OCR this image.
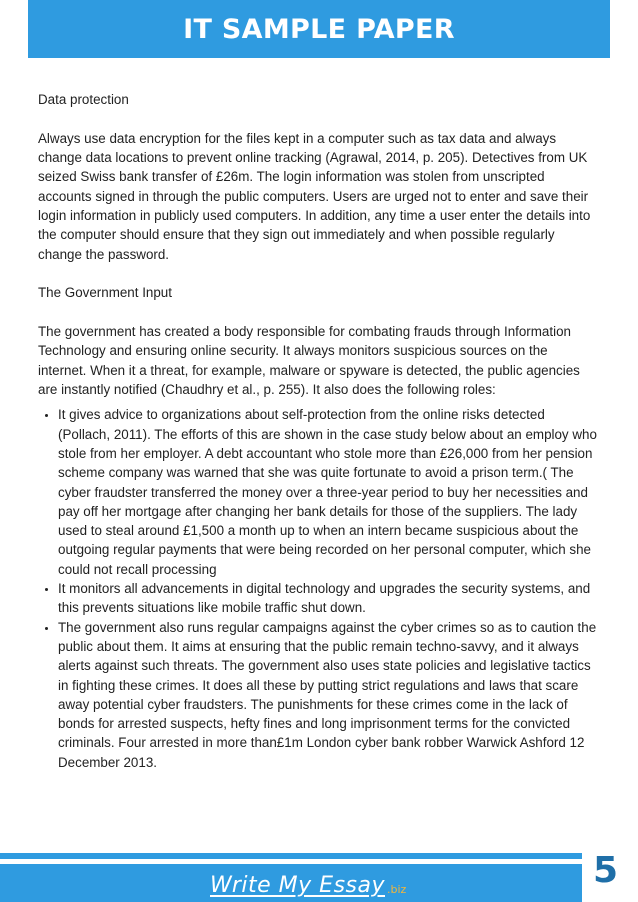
IT SAMPLE PAPER

Data protection

Always use data encryption for the files kept in a computer such as tax data and always change data locations to prevent online tracking (Agrawal, 2014, p. 205). Detectives from UK seized Swiss bank transfer of £26m. The login information was stolen from unscripted accounts signed in through the public computers. Users are urged not to enter and save their login information in publicly used computers. In addition, any time a user enter the details into the computer should ensure that they sign out immediately and when possible regularly change the password.

The Government Input

The government has created a body responsible for combating frauds through Information Technology and ensuring online security. It always monitors suspicious sources on the internet. When it a threat, for example, malware or spyware is detected, the public agencies are instantly notified (Chaudhry et al., p. 255). It also does the following roles:

• It gives advice to organizations about self-protection from the online risks detected (Pollach, 2011). The efforts of this are shown in the case study below about an employ who stole from her employer. A debt accountant who stole more than £26,000 from her pension scheme company was warned that she was quite fortunate to avoid a prison term.( The cyber fraudster transferred the money over a three-year period to buy her necessities and pay off her mortgage after changing her bank details for those of the suppliers. The lady used to steal around £1,500 a month up to when an intern became suspicious about the outgoing regular payments that were being recorded on her personal computer, which she could not recall processing
• It monitors all advancements in digital technology and upgrades the security systems, and this prevents situations like mobile traffic shut down.
• The government also runs regular campaigns against the cyber crimes so as to caution the public about them. It aims at ensuring that the public remain techno-savvy, and it always alerts against such threats. The government also uses state policies and legislative tactics in fighting these crimes. It does all these by putting strict regulations and laws that scare away potential cyber fraudsters. The punishments for these crimes come in the lack of bonds for arrested suspects, hefty fines and long imprisonment terms for the convicted criminals. Four arrested in more than£1m London cyber bank robber Warwick Ashford 12 December 2013.
Write My Essay .biz	5
